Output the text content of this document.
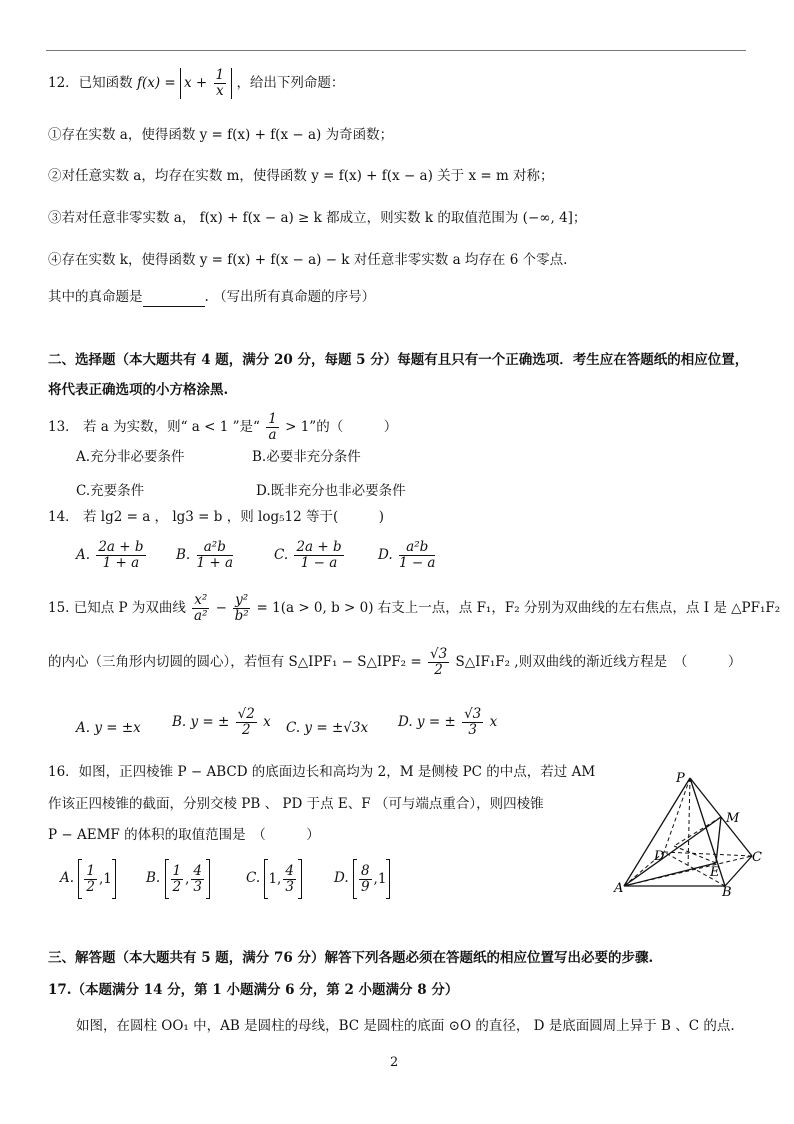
12．已知函数 $f(x) = x + \frac{1}{x}$ ，给出下列命题：
①存在实数 a，使得函数 y = f(x) + f(x − a) 为奇函数；
②对任意实数 a，均存在实数 m，使得函数 y = f(x) + f(x − a) 关于 x = m 对称；
③若对任意非零实数 a， f(x) + f(x − a) ≥ k 都成立，则实数 k 的取值范围为 (−∞, 4]；
④存在实数 k，使得函数 y = f(x) + f(x − a) − k 对任意非零实数 a 均存在 6 个零点.
其中的真命题是	. （写出所有真命题的序号）
二、选择题（本大题共有 4 题，满分 20 分，每题 5 分）每题有且只有一个正确选项．考生应在答题纸的相应位置，
将代表正确选项的小方格涂黑.
13． 若 a 为实数，则“ a < 1 ”是“ $\frac{1}{a} > 1$”的（　　　）
A.充分非必要条件	B.必要非充分条件
C.充要条件	D.既非充分也非必要条件
14． 若 lg2 = a ， lg3 = b ，则 log₅12 等于(　　　)
A. $\frac{2a + b}{1 + a} B$. $\frac{\text{a²b}}{1 + a}$	C. $\frac{2a + b}{1 - a}$	D. $\frac{\text{a²b}}{1 - a}$
15. 已知点 P 为双曲线 $\frac{\text{x²}}{\text{a²}} - \frac{\text{y²}}{\text{b²}} = 1(a > 0$, b > 0) 右支上一点，点 F₁，F₂ 分别为双曲线的左右焦点，点 I 是 △PF₁F₂
的内心（三角形内切圆的圆心），若恒有 S△IPF₁ − S△IPF₂ = $\frac{√3}{2}$ S△IF₁F₂ ,则双曲线的渐近线方程是　（　　　）
A. y = ±x B. y = ± $\frac{√2}{2}$ x C. y = ±√3x D. y = ± $\frac{√3}{3}$ x
16．如图，正四棱锥 P − ABCD 的底面边长和高均为 2，M 是侧棱 PC 的中点，若过 AM
作该正四棱锥的截面，分别交棱 PB 、 PD 于点 E、F （可与端点重合），则四棱锥
P − AEMF 的体积的取值范围是　（　　　）
A. $\frac{1}{2} ,1$	B. $\frac{1}{2}$ , $\frac{4}{3}$	C. 1, $\frac{4}{3}$	D. $\frac{8}{9} ,1$
P
M
D	C
E
A	B
三、解答题（本大题共有 5 题，满分 76 分）解答下列各题必须在答题纸的相应位置写出必要的步骤.
17.（本题满分 14 分，第 1 小题满分 6 分，第 2 小题满分 8 分）
如图，在圆柱 OO₁ 中，AB 是圆柱的母线，BC 是圆柱的底面 ⊙O 的直径， D 是底面圆周上异于 B 、C 的点.
2
